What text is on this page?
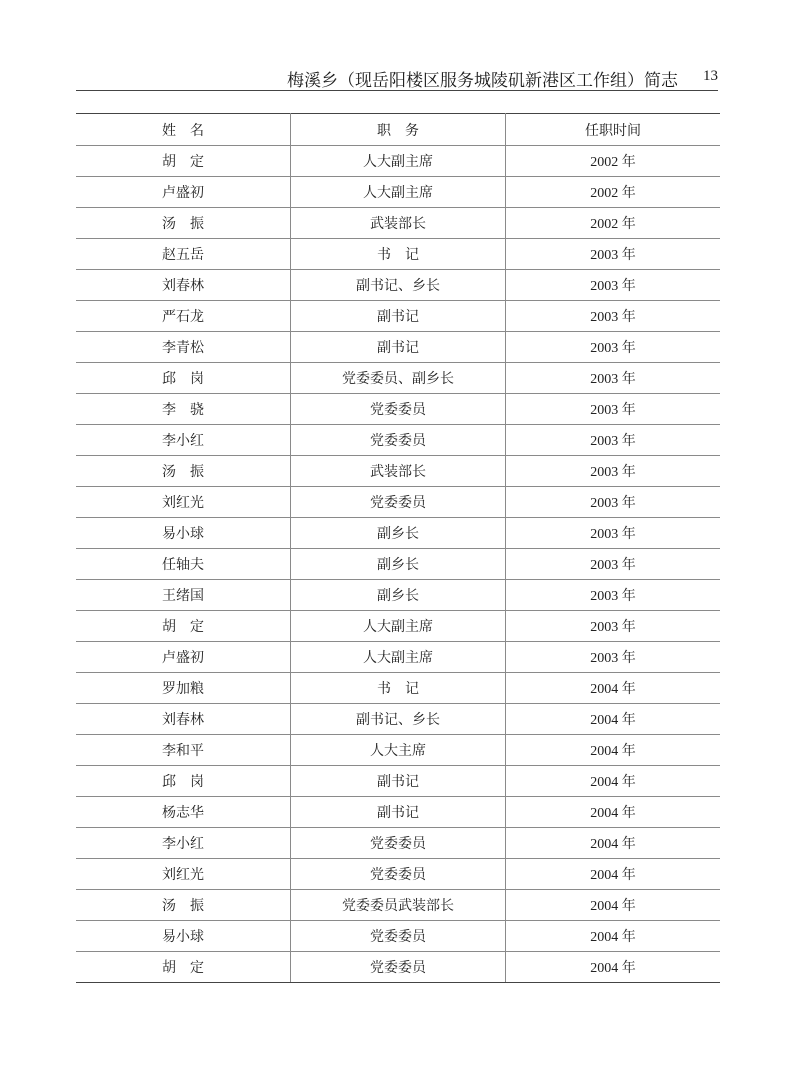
梅溪乡（现岳阳楼区服务城陵矶新港区工作组）简志 13
姓　名	职　务	任职时间
胡　定	人大副主席	2002 年
卢盛初	人大副主席	2002 年
汤　振	武装部长	2002 年
赵五岳	书　记	2003 年
刘春林	副书记、乡长	2003 年
严石龙	副书记	2003 年
李青松	副书记	2003 年
邱　岗	党委委员、副乡长	2003 年
李　骁	党委委员	2003 年
李小红	党委委员	2003 年
汤　振	武装部长	2003 年
刘红光	党委委员	2003 年
易小球	副乡长	2003 年
任轴夫	副乡长	2003 年
王绪国	副乡长	2003 年
胡　定	人大副主席	2003 年
卢盛初	人大副主席	2003 年
罗加粮	书　记	2004 年
刘春林	副书记、乡长	2004 年
李和平	人大主席	2004 年
邱　岗	副书记	2004 年
杨志华	副书记	2004 年
李小红	党委委员	2004 年
刘红光	党委委员	2004 年
汤　振	党委委员武装部长	2004 年
易小球	党委委员	2004 年
胡　定	党委委员	2004 年
